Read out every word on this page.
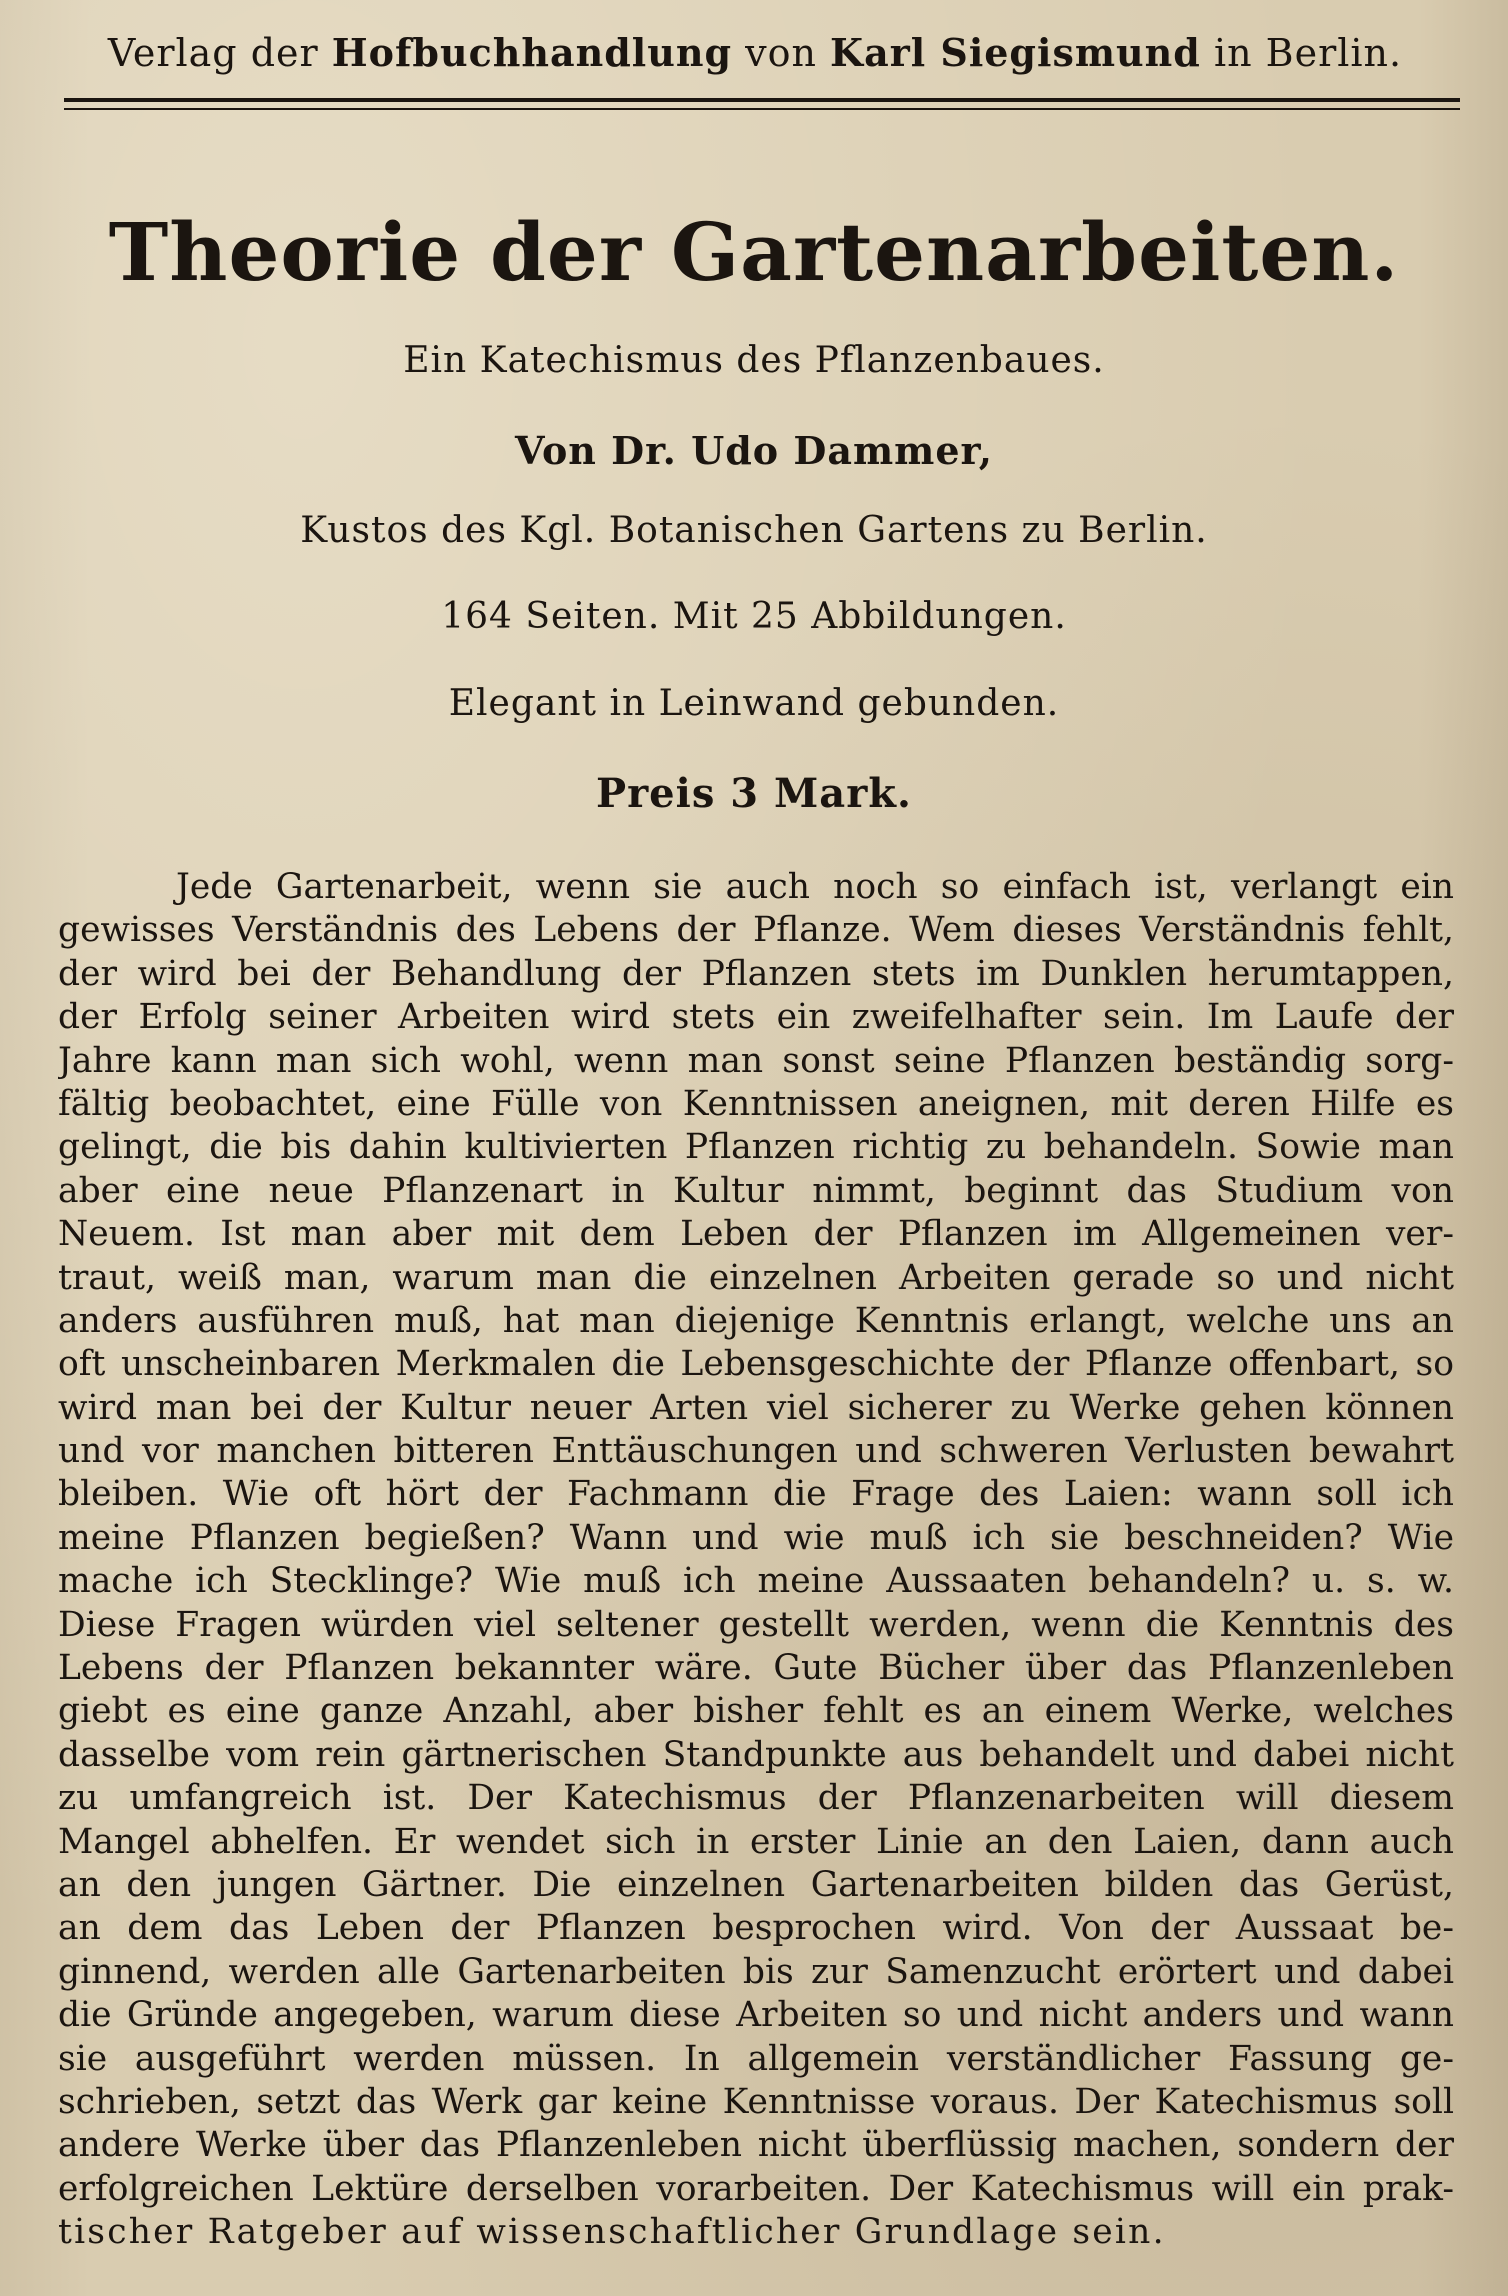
Verlag der Hofbuchhandlung von Karl Siegismund in Berlin.
Theorie der Gartenarbeiten.
Ein Katechismus des Pflanzenbaues.
Von Dr. Udo Dammer,
Kustos des Kgl. Botanischen Gartens zu Berlin.
164 Seiten. Mit 25 Abbildungen.
Elegant in Leinwand gebunden.
Preis 3 Mark.
Jede Gartenarbeit, wenn sie auch noch so einfach ist, verlangt ein
gewisses Verständnis des Lebens der Pflanze. Wem dieses Verständnis fehlt,
der wird bei der Behandlung der Pflanzen stets im Dunklen herumtappen,
der Erfolg seiner Arbeiten wird stets ein zweifelhafter sein. Im Laufe der
Jahre kann man sich wohl, wenn man sonst seine Pflanzen beständig sorg-
fältig beobachtet, eine Fülle von Kenntnissen aneignen, mit deren Hilfe es
gelingt, die bis dahin kultivierten Pflanzen richtig zu behandeln. Sowie man
aber eine neue Pflanzenart in Kultur nimmt, beginnt das Studium von
Neuem. Ist man aber mit dem Leben der Pflanzen im Allgemeinen ver-
traut, weiß man, warum man die einzelnen Arbeiten gerade so und nicht
anders ausführen muß, hat man diejenige Kenntnis erlangt, welche uns an
oft unscheinbaren Merkmalen die Lebensgeschichte der Pflanze offenbart, so
wird man bei der Kultur neuer Arten viel sicherer zu Werke gehen können
und vor manchen bitteren Enttäuschungen und schweren Verlusten bewahrt
bleiben. Wie oft hört der Fachmann die Frage des Laien: wann soll ich
meine Pflanzen begießen? Wann und wie muß ich sie beschneiden? Wie
mache ich Stecklinge? Wie muß ich meine Aussaaten behandeln? u. s. w.
Diese Fragen würden viel seltener gestellt werden, wenn die Kenntnis des
Lebens der Pflanzen bekannter wäre. Gute Bücher über das Pflanzenleben
giebt es eine ganze Anzahl, aber bisher fehlt es an einem Werke, welches
dasselbe vom rein gärtnerischen Standpunkte aus behandelt und dabei nicht
zu umfangreich ist. Der Katechismus der Pflanzenarbeiten will diesem
Mangel abhelfen. Er wendet sich in erster Linie an den Laien, dann auch
an den jungen Gärtner. Die einzelnen Gartenarbeiten bilden das Gerüst,
an dem das Leben der Pflanzen besprochen wird. Von der Aussaat be-
ginnend, werden alle Gartenarbeiten bis zur Samenzucht erörtert und dabei
die Gründe angegeben, warum diese Arbeiten so und nicht anders und wann
sie ausgeführt werden müssen. In allgemein verständlicher Fassung ge-
schrieben, setzt das Werk gar keine Kenntnisse voraus. Der Katechismus soll
andere Werke über das Pflanzenleben nicht überflüssig machen, sondern der
erfolgreichen Lektüre derselben vorarbeiten. Der Katechismus will ein prak-
tischer Ratgeber auf wissenschaftlicher Grundlage sein.
